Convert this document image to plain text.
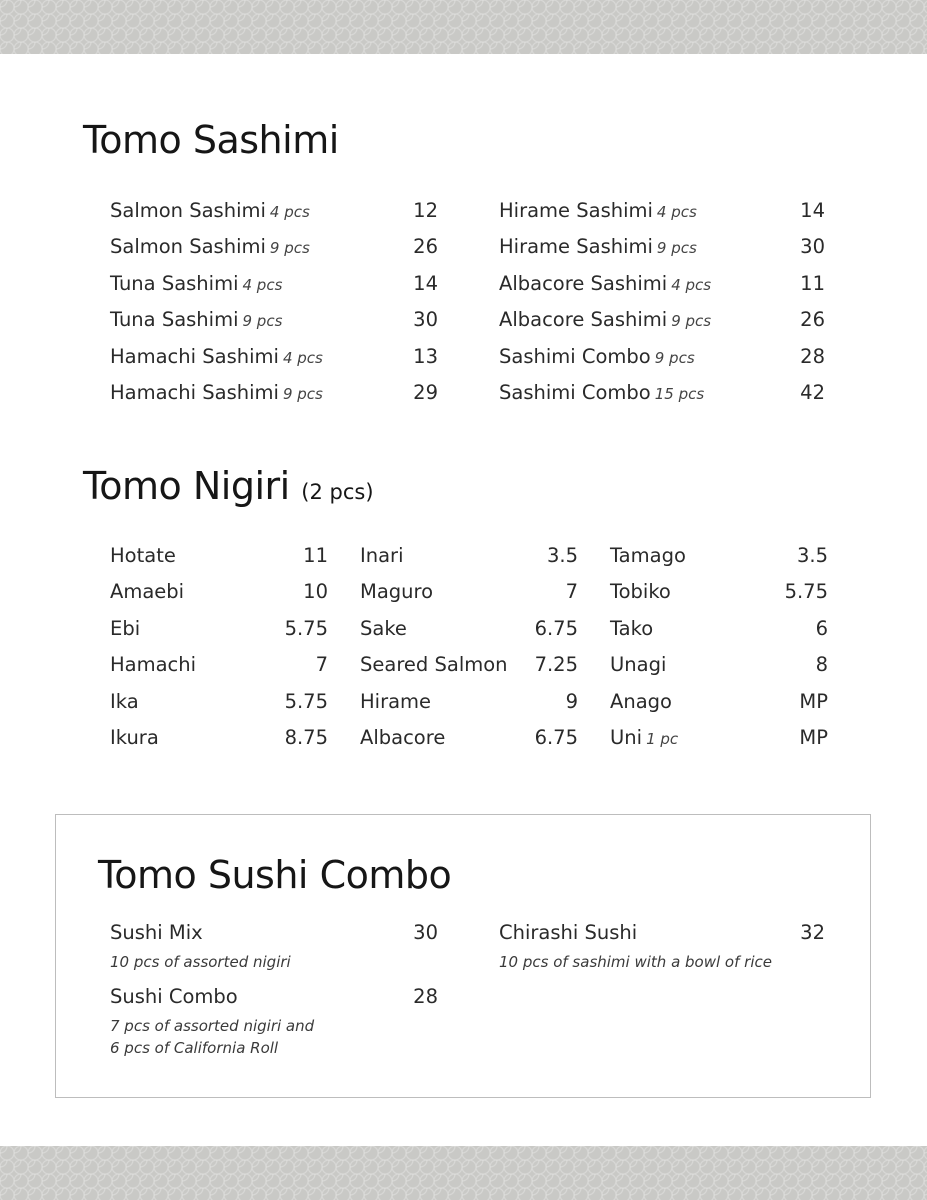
Tomo Sashimi
Salmon Sashimi 4 pcs	12
Salmon Sashimi 9 pcs	26
Tuna Sashimi 4 pcs	14
Tuna Sashimi 9 pcs	30
Hamachi Sashimi 4 pcs	13
Hamachi Sashimi 9 pcs	29
Hirame Sashimi 4 pcs	14
Hirame Sashimi 9 pcs	30
Albacore Sashimi 4 pcs	11
Albacore Sashimi 9 pcs	26
Sashimi Combo 9 pcs	28
Sashimi Combo 15 pcs	42
Tomo Nigiri (2 pcs)
Hotate	11
Amaebi	10
Ebi	5.75
Hamachi	7
Ika	5.75
Ikura	8.75
Inari	3.5
Maguro	7
Sake	6.75
Seared Salmon 7.25
Hirame	9
Albacore	6.75
Tamago	3.5
Tobiko	5.75
Tako	6
Unagi	8
Anago	MP
Uni 1 pc	MP
Tomo Sushi Combo
Sushi Mix	30
10 pcs of assorted nigiri
Sushi Combo	28
7 pcs of assorted nigiri and
6 pcs of California Roll
Chirashi Sushi	32
10 pcs of sashimi with a bowl of rice
